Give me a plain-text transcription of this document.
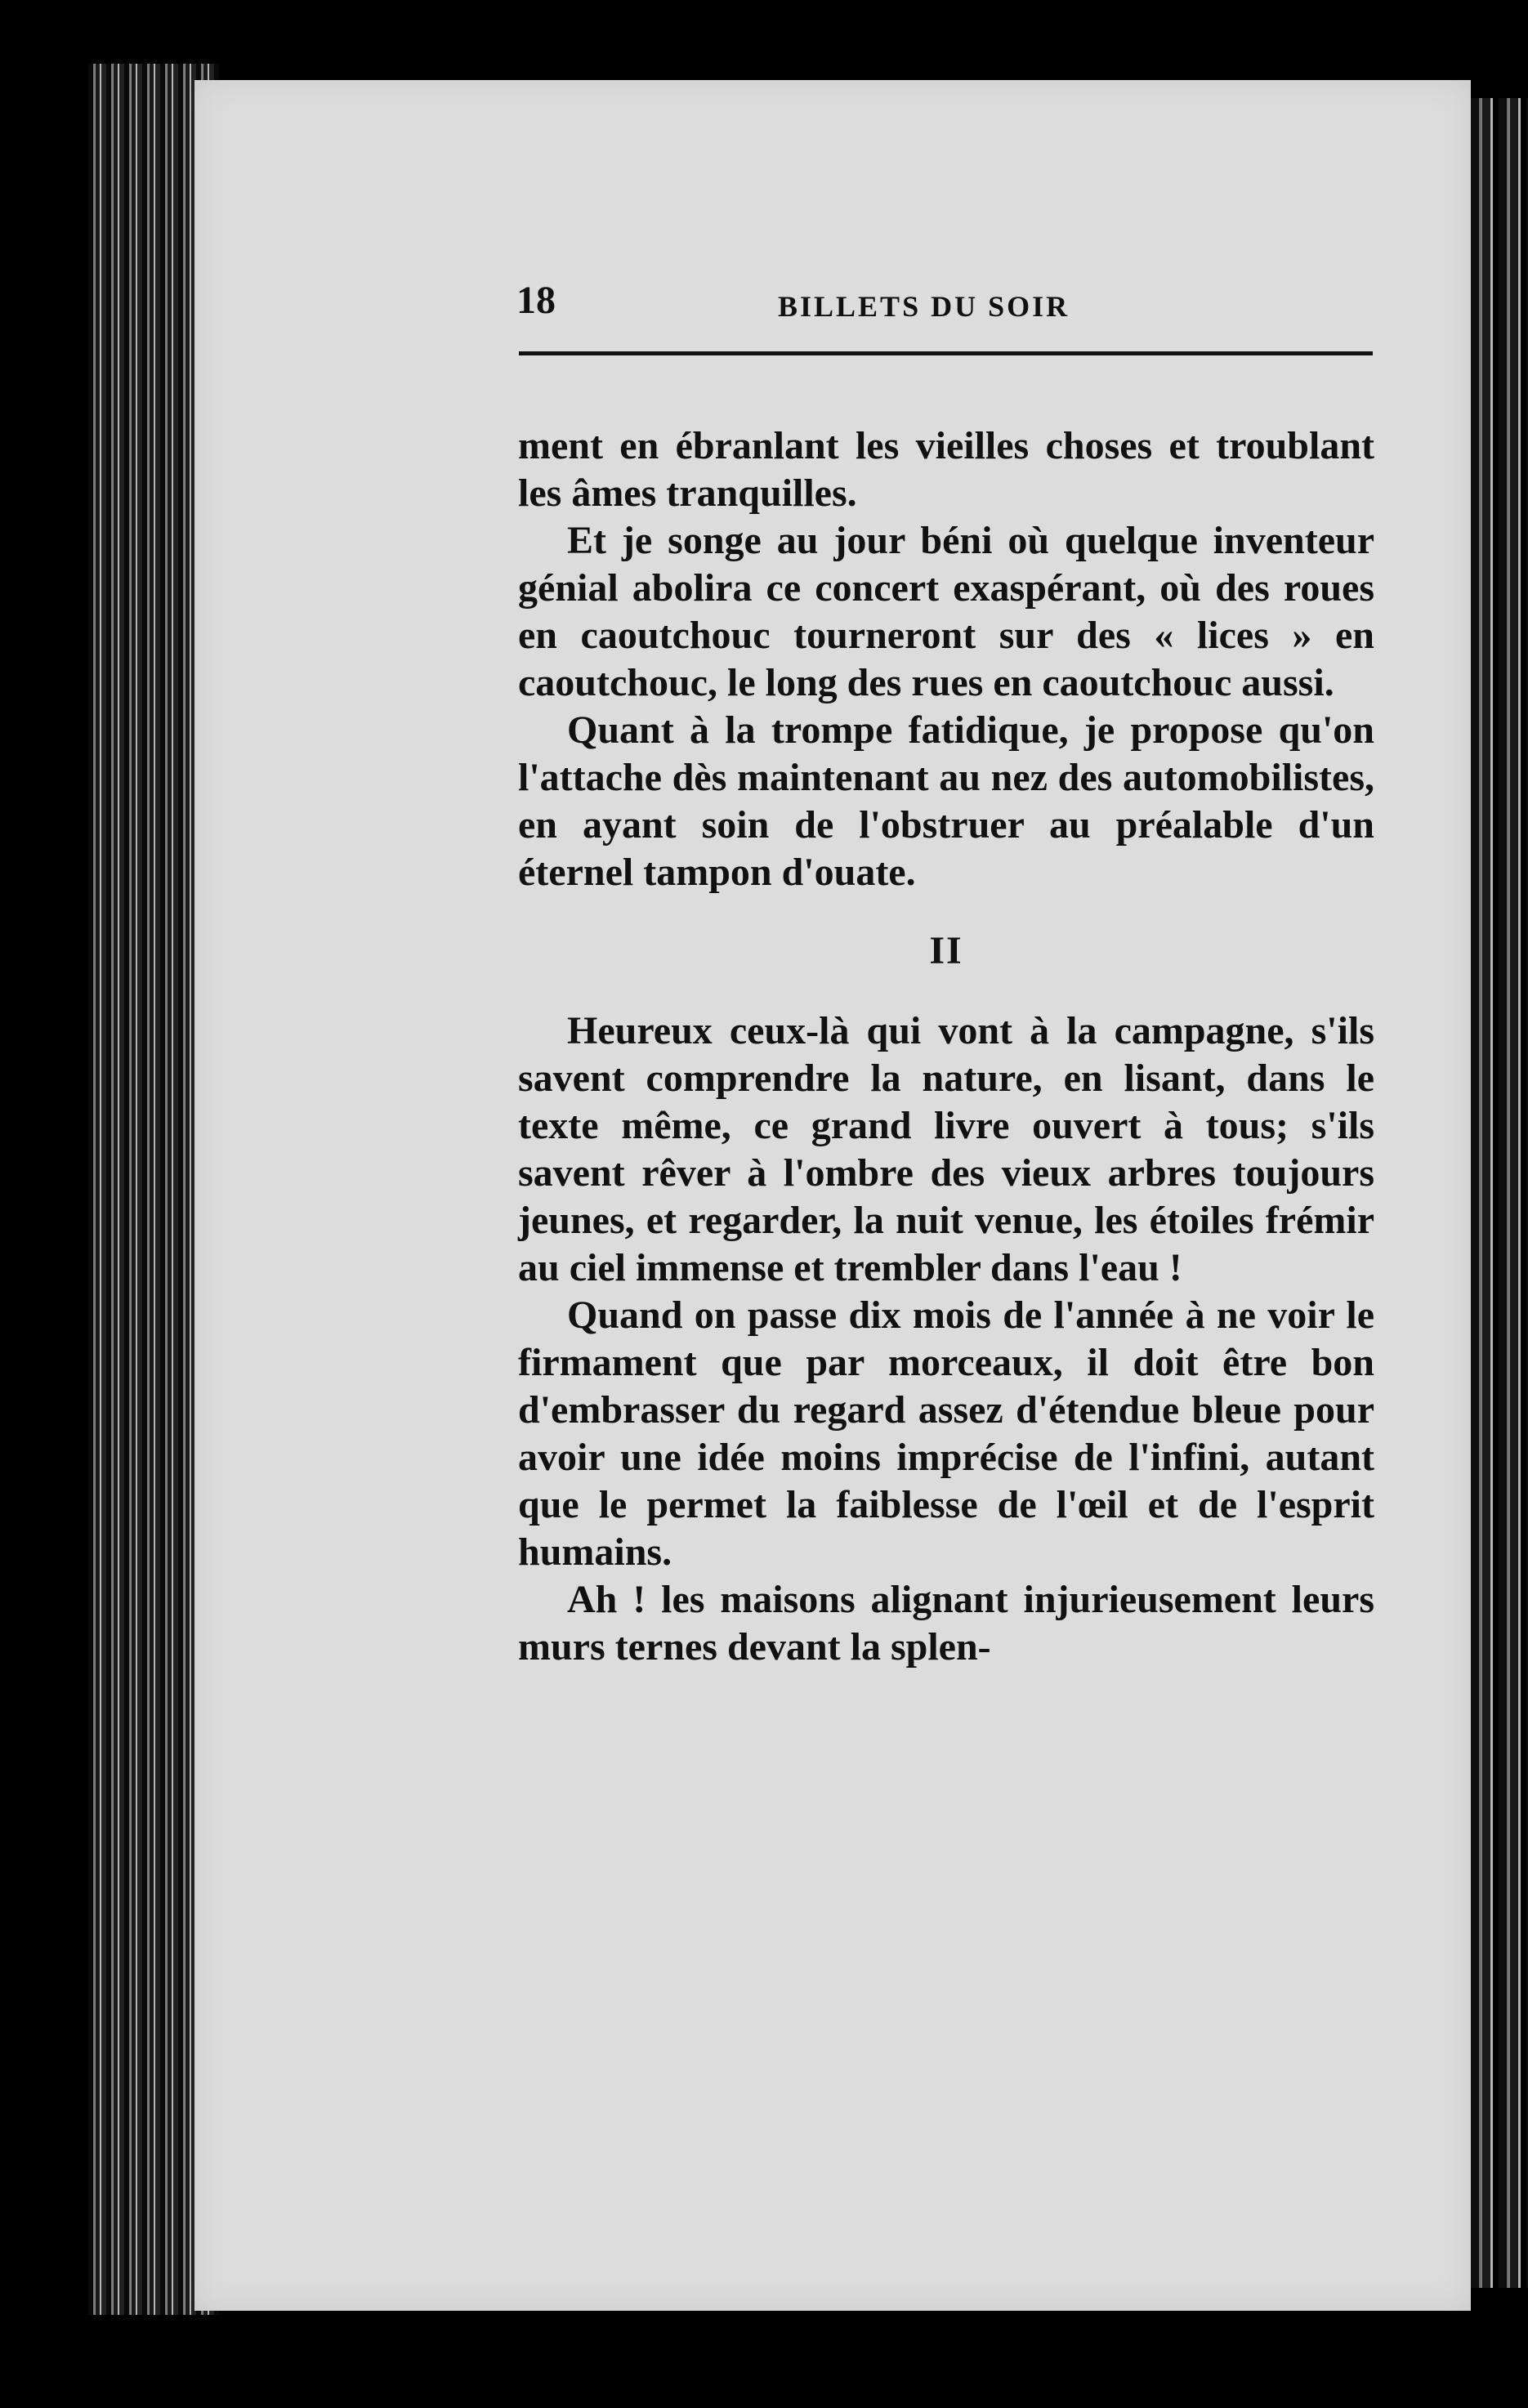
18	BILLETS DU SOIR

ment en ébranlant les vieilles choses et troublant les âmes tranquilles.

Et je songe au jour béni où quelque inventeur génial abolira ce concert exaspérant, où des roues en caoutchouc tourneront sur des « lices » en caoutchouc, le long des rues en caoutchouc aussi.

Quant à la trompe fatidique, je propose qu'on l'attache dès maintenant au nez des automobilistes, en ayant soin de l'obstruer au préalable d'un éternel tampon d'ouate.

II

Heureux ceux-là qui vont à la campagne, s'ils savent comprendre la nature, en lisant, dans le texte même, ce grand livre ouvert à tous; s'ils savent rêver à l'ombre des vieux arbres toujours jeunes, et regarder, la nuit venue, les étoiles frémir au ciel immense et trembler dans l'eau !

Quand on passe dix mois de l'année à ne voir le firmament que par morceaux, il doit être bon d'embrasser du regard assez d'étendue bleue pour avoir une idée moins imprécise de l'infini, autant que le permet la faiblesse de l'œil et de l'esprit humains.

Ah ! les maisons alignant injurieusement leurs murs ternes devant la splen-
